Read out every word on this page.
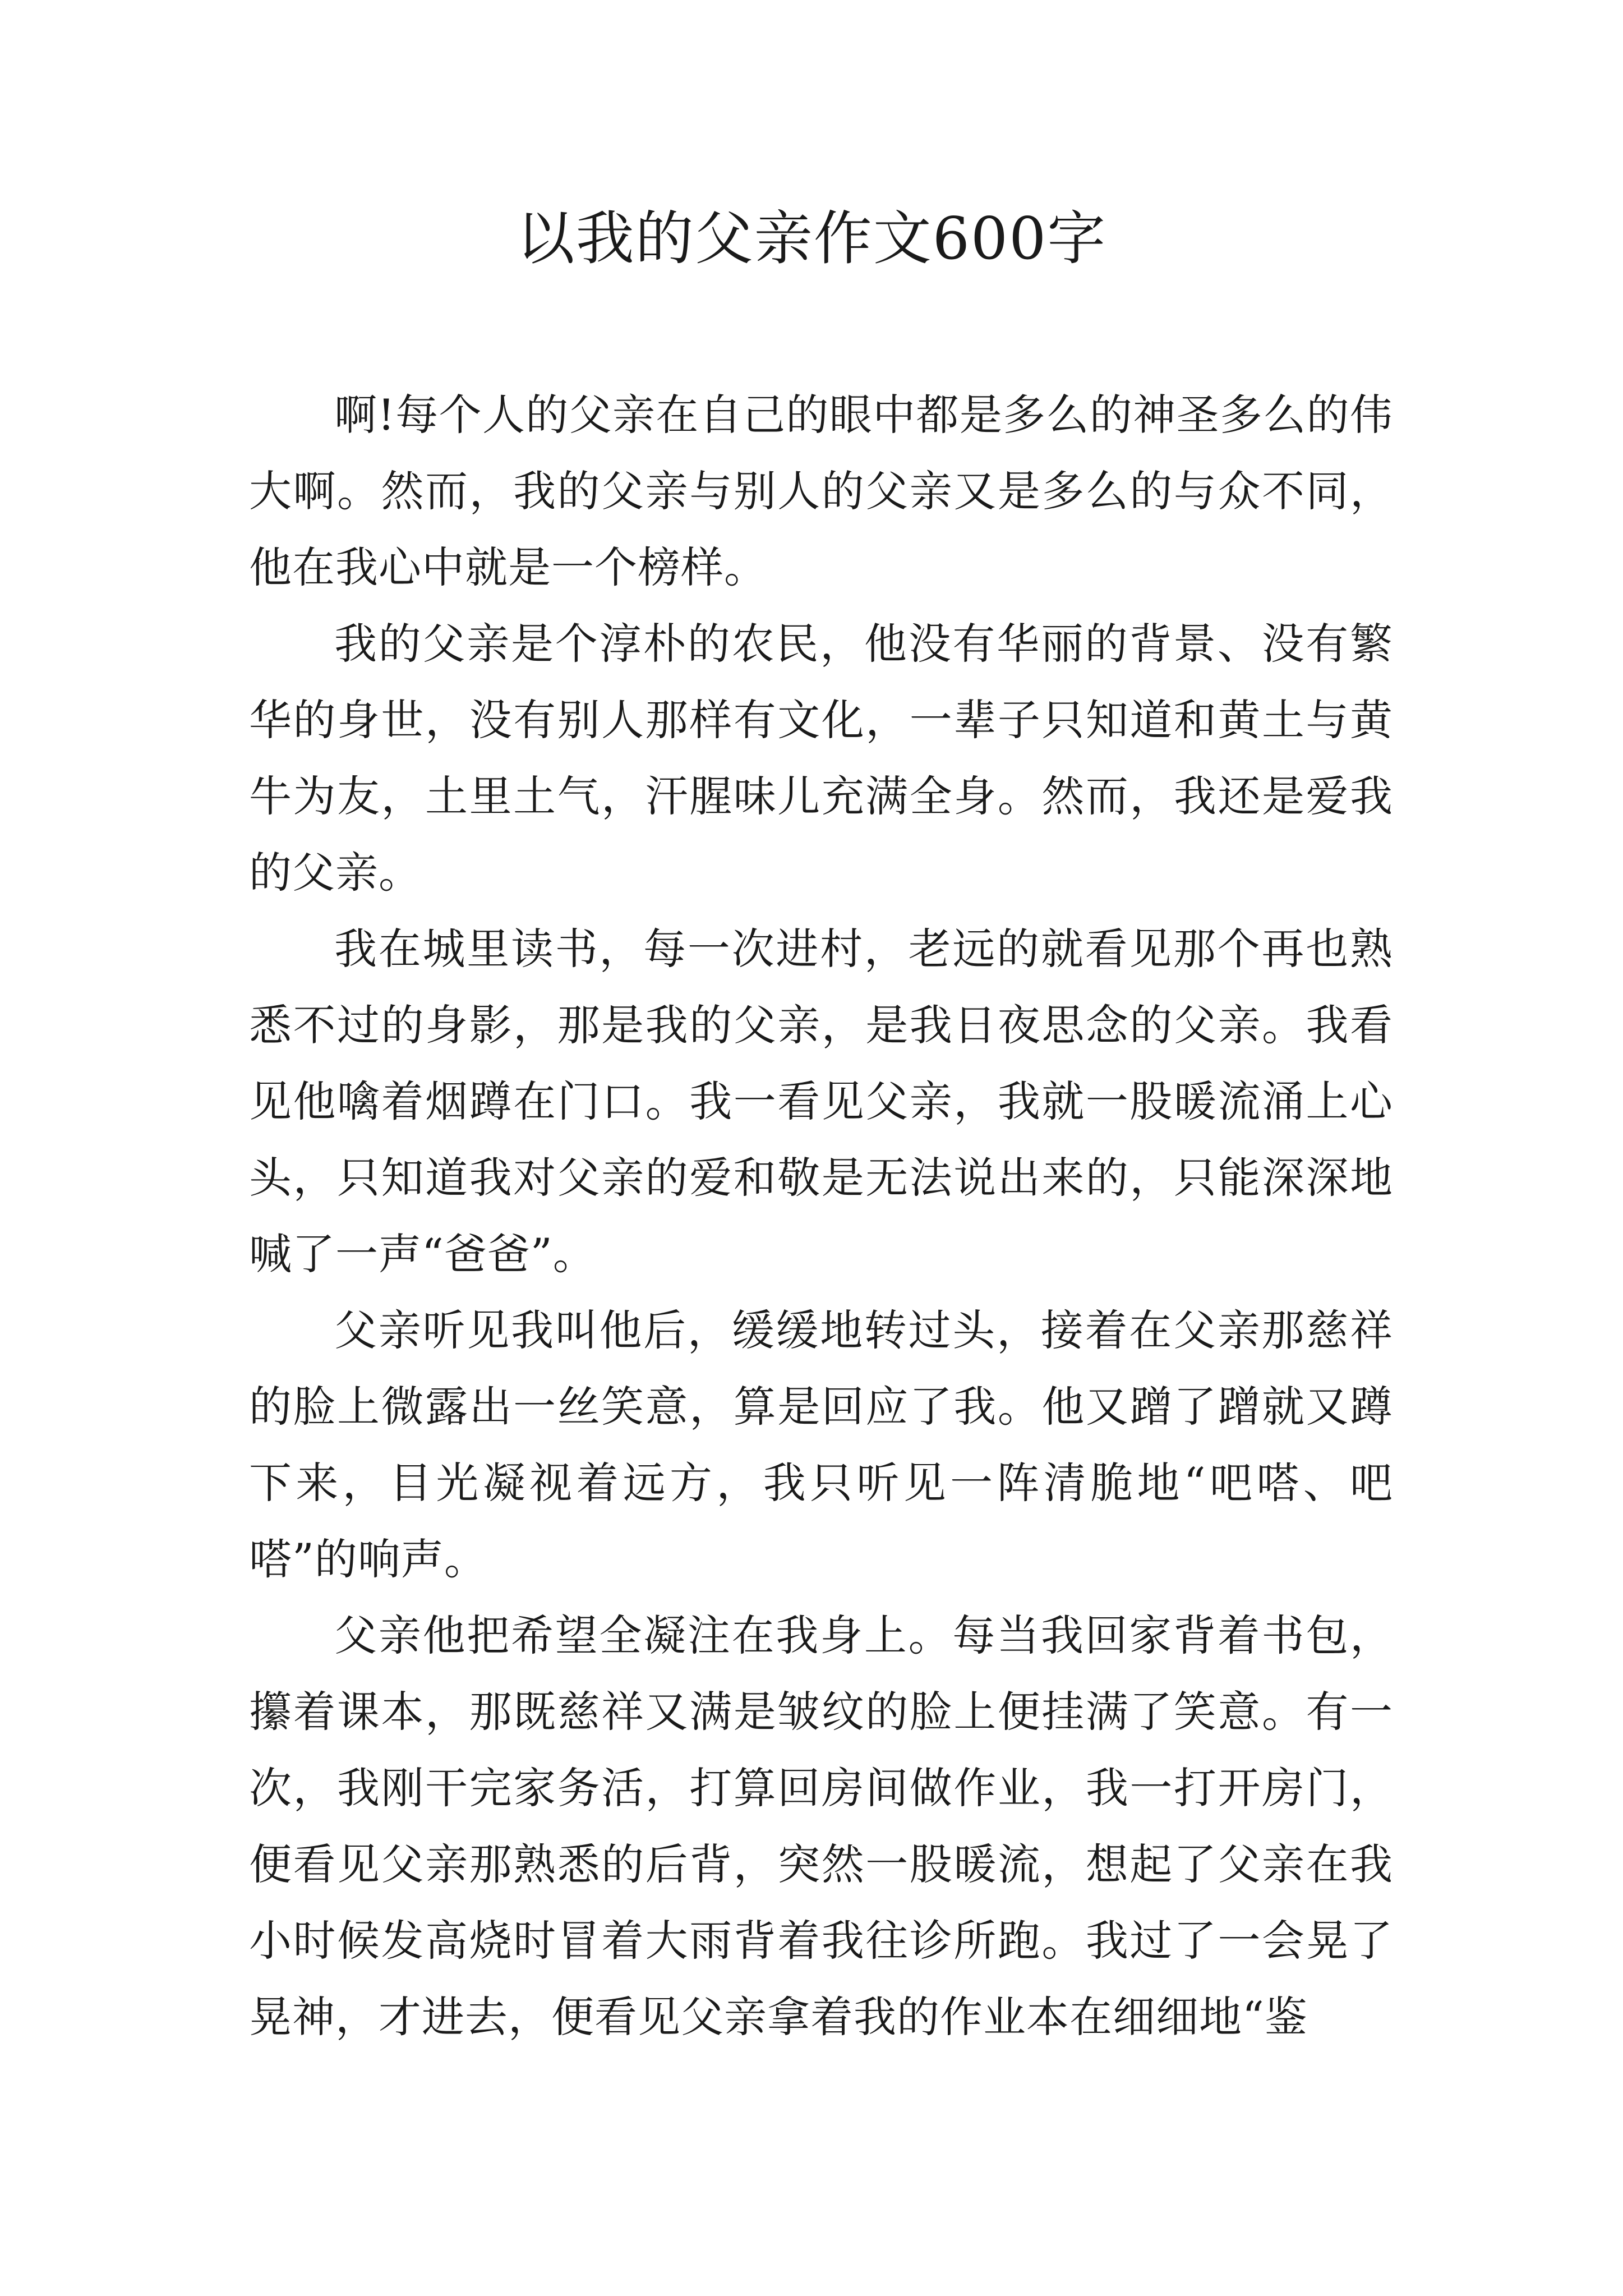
以我的父亲作文600字

啊!每个人的父亲在自己的眼中都是多么的神圣多么的伟大啊。然而，我的父亲与别人的父亲又是多么的与众不同，他在我心中就是一个榜样。

我的父亲是个淳朴的农民，他没有华丽的背景、没有繁华的身世，没有别人那样有文化，一辈子只知道和黄土与黄牛为友，土里土气，汗腥味儿充满全身。然而，我还是爱我的父亲。

我在城里读书，每一次进村，老远的就看见那个再也熟悉不过的身影，那是我的父亲，是我日夜思念的父亲。我看见他噙着烟蹲在门口。我一看见父亲，我就一股暖流涌上心头，只知道我对父亲的爱和敬是无法说出来的，只能深深地喊了一声“爸爸”。

父亲听见我叫他后，缓缓地转过头，接着在父亲那慈祥的脸上微露出一丝笑意，算是回应了我。他又蹭了蹭就又蹲下来，目光凝视着远方，我只听见一阵清脆地“吧嗒、吧嗒”的响声。

父亲他把希望全凝注在我身上。每当我回家背着书包，攥着课本，那既慈祥又满是皱纹的脸上便挂满了笑意。有一次，我刚干完家务活，打算回房间做作业，我一打开房门，便看见父亲那熟悉的后背，突然一股暖流，想起了父亲在我小时候发高烧时冒着大雨背着我往诊所跑。我过了一会晃了晃神，才进去，便看见父亲拿着我的作业本在细细地“鉴
